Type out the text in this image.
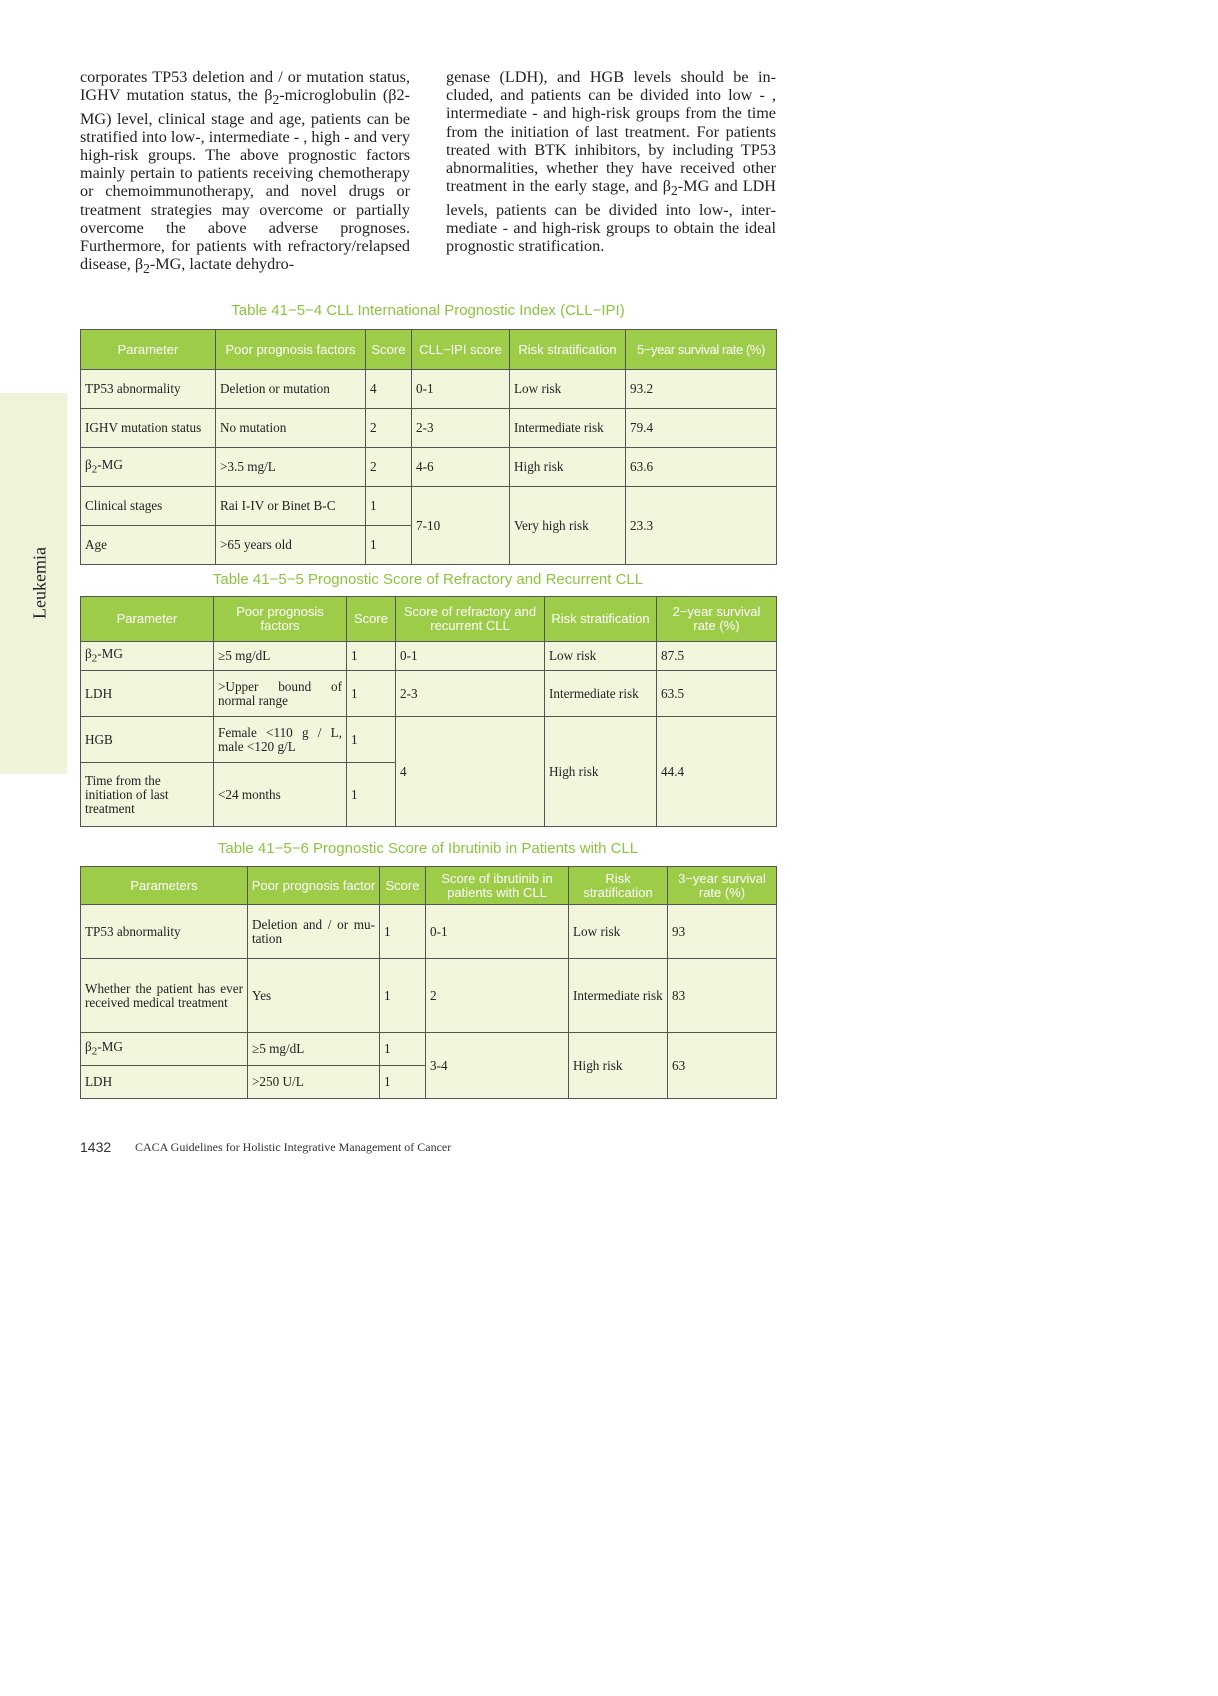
Leukemia

corporates TP53 deletion and / or mutation status, IGHV mutation status, the $\beta_2$-microglobulin (β2-MG) level, clinical stage and age, patients can be stratified into low-, intermediate - , high - and very high-risk groups. The above prognostic factors mainly pertain to patients receiving chemotherapy or chemoimmunotherapy, and novel drugs or treatment strategies may overcome or partially overcome the above adverse prognoses. Furthermore, for patients with refractory/relapsed disease, $\beta_2-MG$, lactate dehydro-

genase (LDH), and HGB levels should be included, and patients can be divided into low - , intermediate - and high-risk groups from the time from the initiation of last treatment. For patients treated with BTK inhibitors, by including TP53 abnormalities, whether they have received other treatment in the early stage, and $\beta_2-MG$ and LDH levels, patients can be divided into low-, intermediate - and high-risk groups to obtain the ideal prognostic stratification.

Table 41−5−4 CLL International Prognostic Index (CLL−IPI)
Parameter	Poor prognosis factors	Score	CLL−IPI score	Risk stratification	5−year survival rate (%)
TP53 abnormality	Deletion or mutation	4	0-1	Low risk	93.2
IGHV mutation status	No mutation	2	2-3	Intermediate risk	79.4
$\beta_2-MG$	>3.5 mg/L	2	4-6	High risk	63.6
Clinical stages	Rai I-IV or Binet B-C	1	7-10	Very high risk	23.3
Age	>65 years old	1			
Table 41−5−5 Prognostic Score of Refractory and Recurrent CLL
Parameter	Poor prognosis factors	Score	Score of refractory and recurrent CLL	Risk stratification	2−year survival rate (%)
$\beta_2-MG$	≥5 mg/dL	1	0-1	Low risk	87.5
LDH	>Upper bound of normal range	1	2-3	Intermediate risk	63.5
HGB	Female <110 g / L, male <120 g/L	1	4	High risk	44.4
Time from the initiation of last treatment	<24 months	1			
Table 41−5−6 Prognostic Score of Ibrutinib in Patients with CLL
Parameters	Poor prognosis factor	Score	Score of ibrutinib in patients with CLL	Risk stratification	3−year survival rate (%)
TP53 abnormality	Deletion and / or mutation	1	0-1	Low risk	93
Whether the patient has ever received medical treatment	Yes	1	2	Intermediate risk	83
$\beta_2-MG$	≥5 mg/dL	1	3-4	High risk	63
LDH	>250 U/L	1			
1432 CACA Guidelines for Holistic Integrative Management of Cancer
